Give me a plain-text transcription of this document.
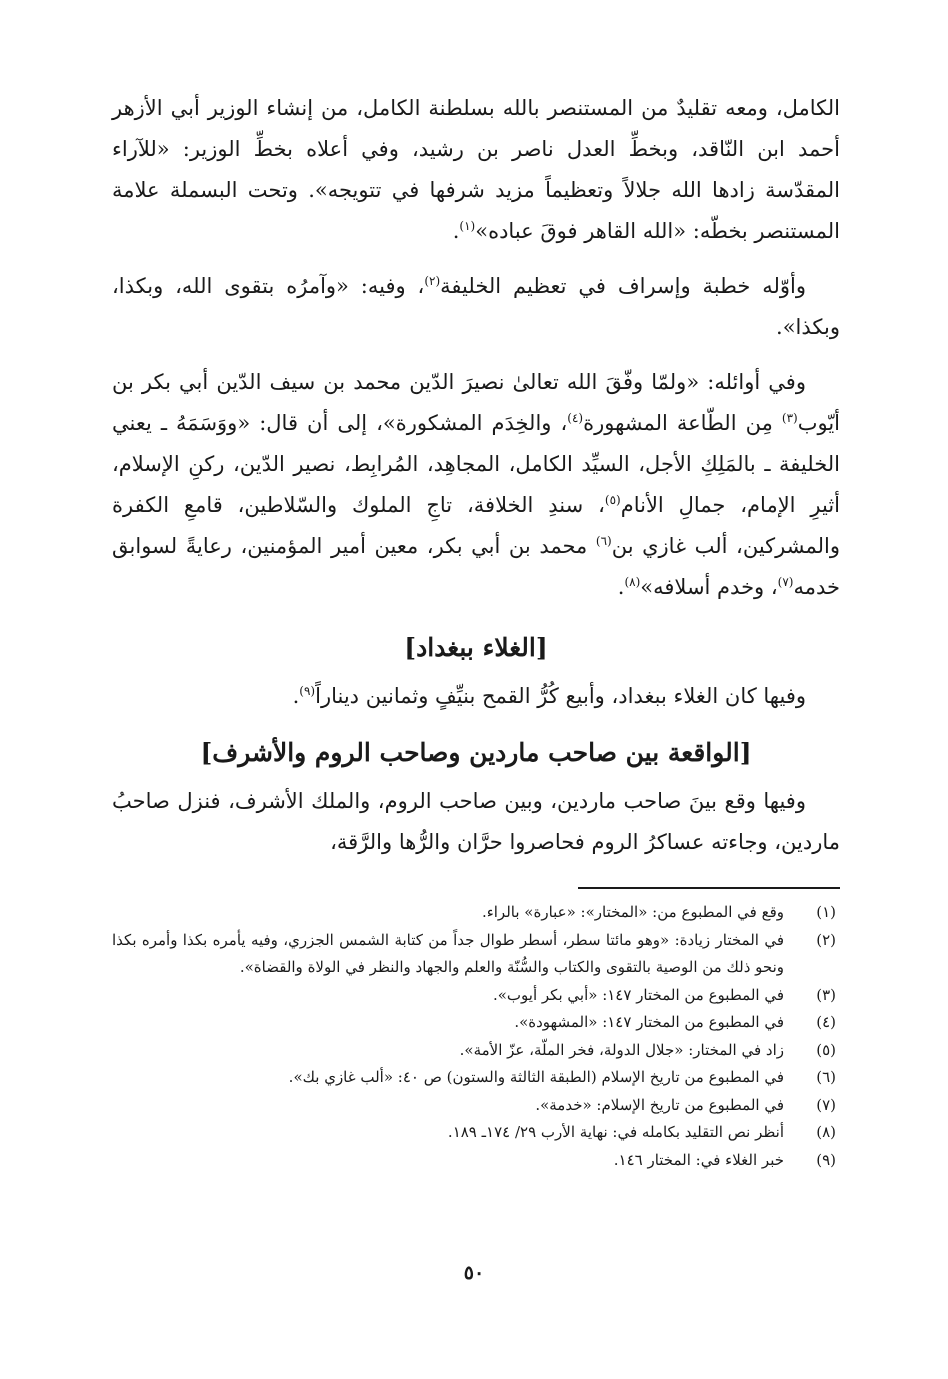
الكامل، ومعه تقليدٌ من المستنصر بالله بسلطنة الكامل، من إنشاء الوزير أبي الأزهر أحمد ابن النّاقد، وبخطِّ العدل ناصر بن رشيد، وفي أعلاه بخطِّ الوزير: «للآراء المقدّسة زادها الله جلالاً وتعظيماً مزيد شرفها في تتويجه». وتحت البسملة علامة المستنصر بخطّه: «الله القاهر فوقَ عباده»$^{(١)}$.

وأوّله خطبة وإسراف في تعظيم الخليفة$^{(٢)}$، وفيه: «وآمرُه بتقوى الله، وبكذا، وبكذا».

وفي أوائله: «ولمّا وفّقَ الله تعالىٰ نصيرَ الدّين محمد بن سيف الدّين أبي بكر بن أيّوب$^{(٣)}$ مِن الطّاعة المشهورة$^{(٤)}$، والخِدَم المشكورة»، إلى أن قال: «ووَسَمَهُ ـ يعني الخليفة ـ بالمَلِكِ الأجل، السيِّد الكامل، المجاهِد، المُرابِط، نصير الدّين، ركنِ الإسلام، أثيرِ الإمام، جمالِ الأنام$^{(٥)}$، سندِ الخلافة، تاجِ الملوك والسّلاطين، قامعِ الكفرة والمشركين، ألب غازي بن$^{(٦)}$ محمد بن أبي بكر، معين أمير المؤمنين، رعايةً لسوابق خدمه$^{(٧)}$، وخدم أسلافه»$^{(٨)}$.

[الغلاء ببغداد]

وفيها كان الغلاء ببغداد، وأبيع كُرُّ القمح بنيِّفٍ وثمانين ديناراً$^{(٩)}$.

[الواقعة بين صاحب ماردين وصاحب الروم والأشرف]

وفيها وقع بينَ صاحب ماردين، وبين صاحب الروم، والملك الأشرف، فنزل صاحبُ ماردين، وجاءته عساكرُ الروم فحاصروا حرَّان والرُّها والرَّقة،

(١)
وقع في المطبوع من: «المختار»: «عبارة» بالراء.
(٢)
في المختار زيادة: «وهو مائتا سطر، أسطر طوال جداً من كتابة الشمس الجزري، وفيه يأمره بكذا وأمره بكذا ونحو ذلك من الوصية بالتقوى والكتاب والسُّنّة والعلم والجهاد والنظر في الولاة والقضاة».
(٣)
في المطبوع من المختار ١٤٧: «أبي بكر أيوب».
(٤)
في المطبوع من المختار ١٤٧: «المشهودة».
(٥)
زاد في المختار: «جلال الدولة، فخر الملّة، عزّ الأمة».
(٦)
في المطبوع من تاريخ الإسلام (الطبقة الثالثة والستون) ص ٤٠: «ألب غازي بك».
(٧)
في المطبوع من تاريخ الإسلام: «خدمة».
(٨)
أنظر نص التقليد بكامله في: نهاية الأرب ٢٩/ ١٧٤ـ ١٨٩.
(٩)
خبر الغلاء في: المختار ١٤٦.
٥٠
